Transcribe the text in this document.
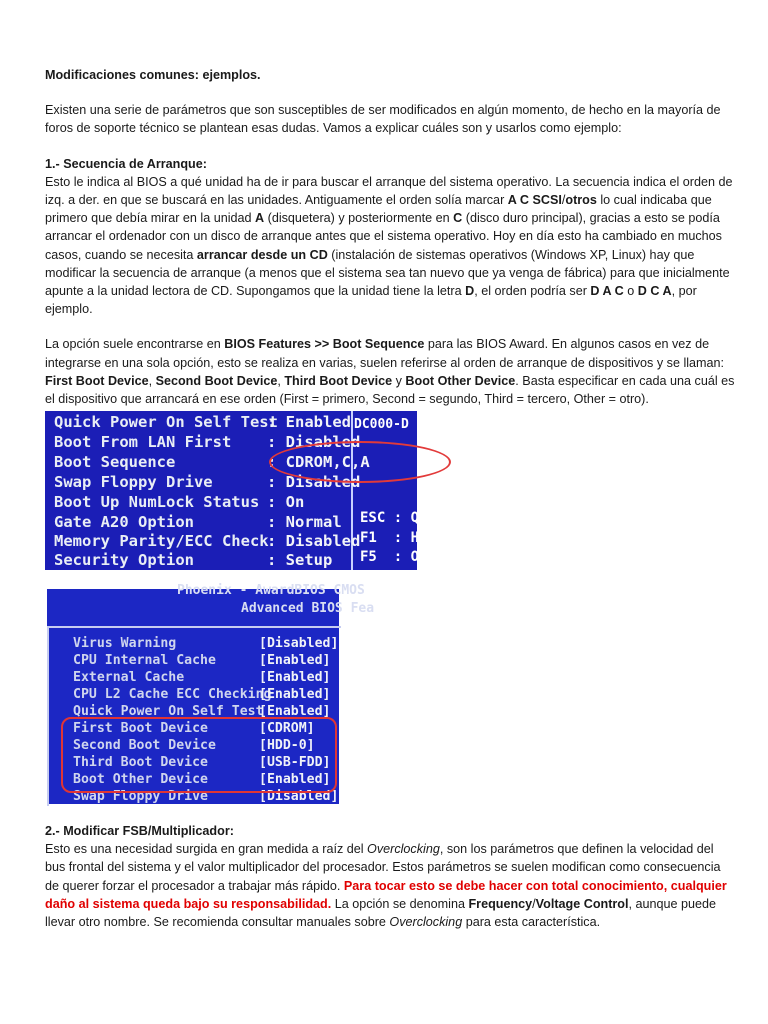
Modificaciones comunes: ejemplos.

Existen una serie de parámetros que son susceptibles de ser modificados en algún momento, de hecho en la mayoría de foros de soporte técnico se plantean esas dudas. Vamos a explicar cuáles son y usarlos como ejemplo:

1.- Secuencia de Arranque:

Esto le indica al BIOS a qué unidad ha de ir para buscar el arranque del sistema operativo. La secuencia indica el orden de izq. a der. en que se buscará en las unidades. Antiguamente el orden solía marcar A C SCSI/otros lo cual indicaba que primero que debía mirar en la unidad A (disquetera) y posteriormente en C (disco duro principal), gracias a esto se podía arrancar el ordenador con un disco de arranque antes que el sistema operativo. Hoy en día esto ha cambiado en muchos casos, cuando se necesita arrancar desde un CD (instalación de sistemas operativos (Windows XP, Linux) hay que modificar la secuencia de arranque (a menos que el sistema sea tan nuevo que ya venga de fábrica) para que inicialmente apunte a la unidad lectora de CD. Supongamos que la unidad tiene la letra D, el orden podría ser D A C o D C A, por ejemplo.

La opción suele encontrarse en BIOS Features >> Boot Sequence para las BIOS Award. En algunos casos en vez de integrarse en una sola opción, esto se realiza en varias, suelen referirse al orden de arranque de dispositivos y se llaman: First Boot Device, Second Boot Device, Third Boot Device y Boot Other Device. Basta especificar en cada una cuál es el dispositivo que arrancará en ese orden (First = primero, Second = segundo, Third = tercero, Other = otro).

DC000-D
Quick Power On Self Test
: Enabled
Boot From LAN First : Disabled
Boot Sequence	: CDROM,C,A
Swap Floppy Drive	: Disabled
Boot Up NumLock Status : On
Gate A20 Option	: Normal
Memory Parity/ECC Check
: Disabled
Security Option	: Setup
ESC : Q
F1  : H
F5  : O
Phoenix - AwardBIOS CMOS
Advanced BIOS Fea
Virus Warning	[Disabled]
CPU Internal Cache	[Enabled]
External Cache	[Enabled]
CPU L2 Cache ECC Checking
[Enabled]
Quick Power On Self Test
[Enabled]
First Boot Device	[CDROM]
Second Boot Device	[HDD-0]
Third Boot Device	[USB-FDD]
Boot Other Device	[Enabled]
Swap Floppy Drive	[Disabled]

2.- Modificar FSB/Multiplicador:

Esto es una necesidad surgida en gran medida a raíz del Overclocking, son los parámetros que definen la velocidad del bus frontal del sistema y el valor multiplicador del procesador. Estos parámetros se suelen modifican como consecuencia de querer forzar el procesador a trabajar más rápido. Para tocar esto se debe hacer con total conocimiento, cualquier daño al sistema queda bajo su responsabilidad. La opción se denomina Frequency/Voltage Control, aunque puede llevar otro nombre. Se recomienda consultar manuales sobre Overclocking para esta característica.
